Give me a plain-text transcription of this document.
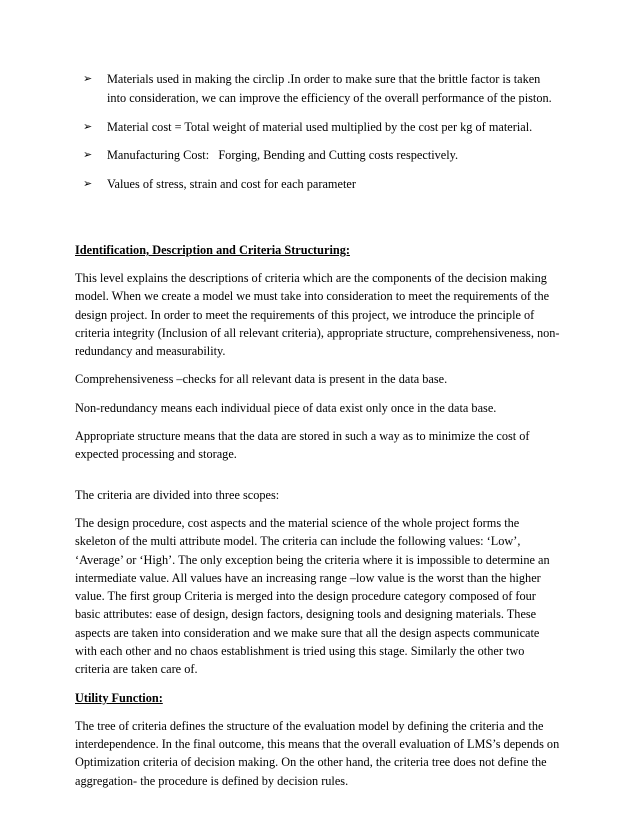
➢	Materials used in making the circlip .In order to make sure that the brittle factor is taken into consideration, we can improve the efficiency of the overall performance of the piston.
➢	Material cost = Total weight of material used multiplied by the cost per kg of material.
➢	Manufacturing Cost:   Forging, Bending and Cutting costs respectively.
➢	Values of stress, strain and cost for each parameter
Identification, Description and Criteria Structuring:
This level explains the descriptions of criteria which are the components of the decision making model. When we create a model we must take into consideration to meet the requirements of the design project. In order to meet the requirements of this project, we introduce the principle of criteria integrity (Inclusion of all relevant criteria), appropriate structure, comprehensiveness, non-redundancy and measurability.
Comprehensiveness –checks for all relevant data is present in the data base.
Non-redundancy means each individual piece of data exist only once in the data base.
Appropriate structure means that the data are stored in such a way as to minimize the cost of expected processing and storage.
The criteria are divided into three scopes:
The design procedure, cost aspects and the material science of the whole project forms the skeleton of the multi attribute model. The criteria can include the following values: ‘Low’, ‘Average’ or ‘High’. The only exception being the criteria where it is impossible to determine an intermediate value. All values have an increasing range –low value is the worst than the higher value. The first group Criteria is merged into the design procedure category composed of four basic attributes: ease of design, design factors, designing tools and designing materials. These aspects are taken into consideration and we make sure that all the design aspects communicate with each other and no chaos establishment is tried using this stage. Similarly the other two criteria are taken care of.
Utility Function:
The tree of criteria defines the structure of the evaluation model by defining the criteria and the interdependence. In the final outcome, this means that the overall evaluation of LMS’s depends on Optimization criteria of decision making. On the other hand, the criteria tree does not define the aggregation- the procedure is defined by decision rules.
